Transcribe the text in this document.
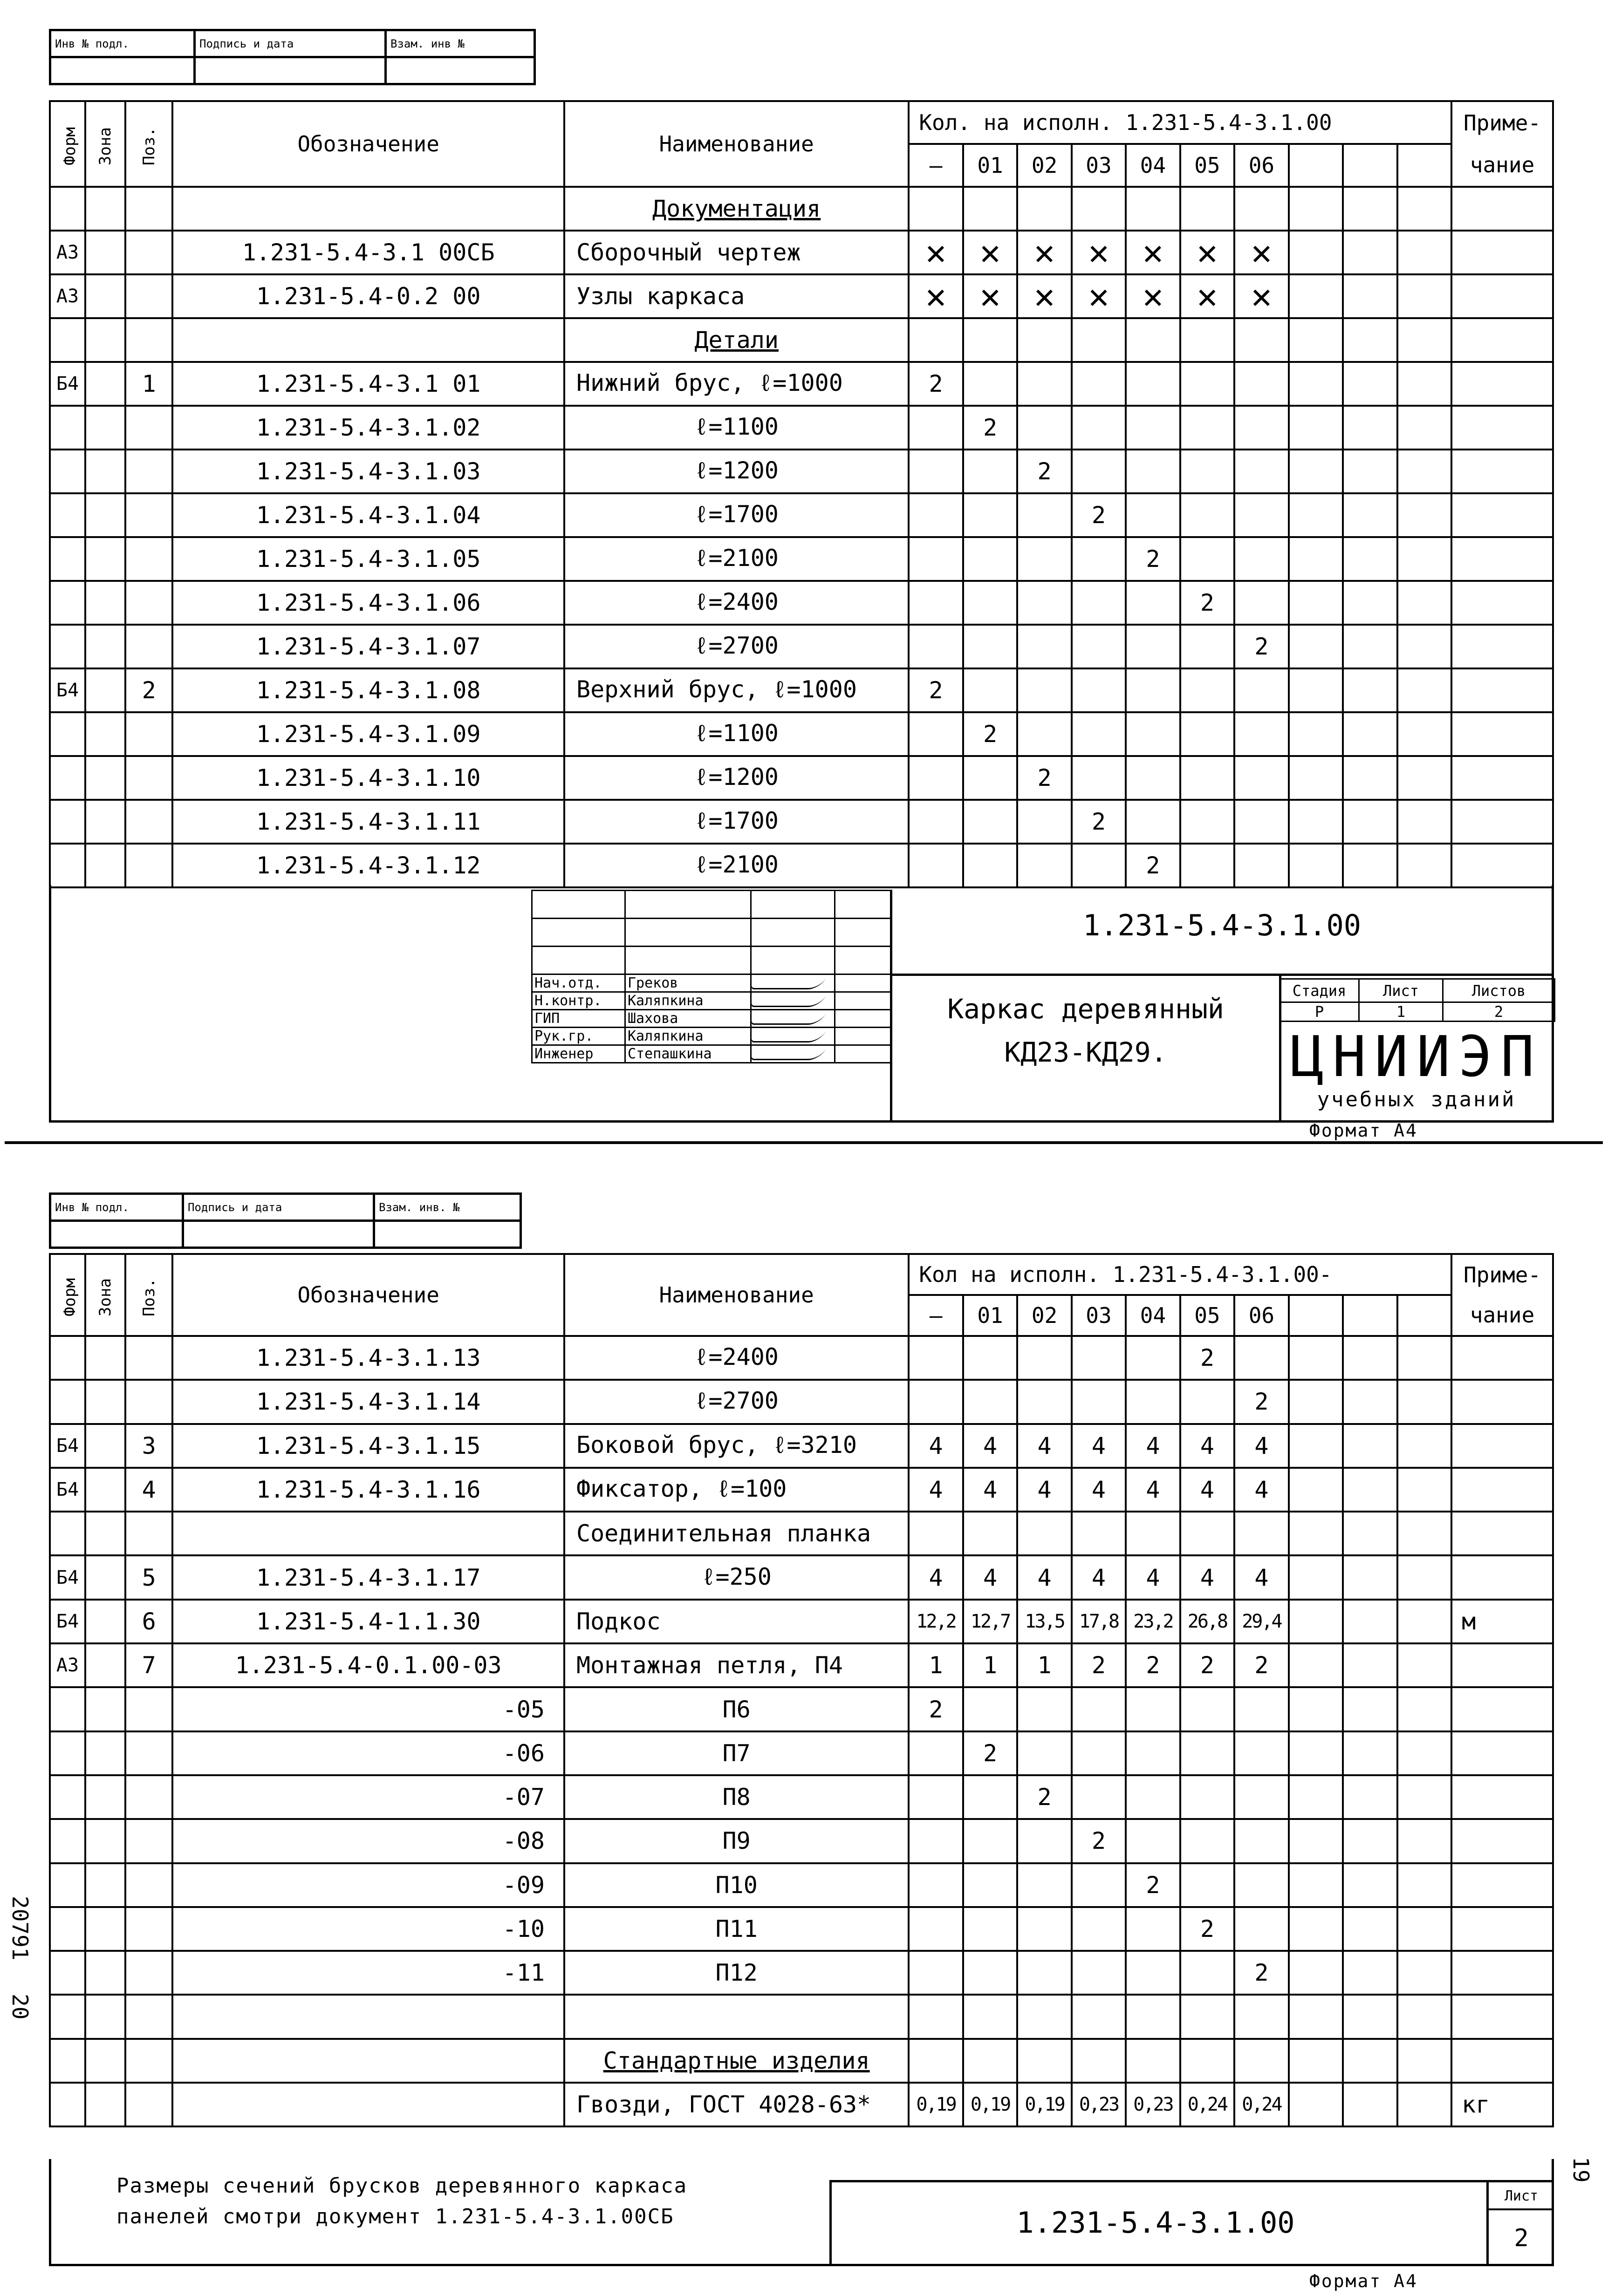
Инв № подл.	Подпись и дата	Взам. инв №

Форм	Зона	Поз.	Обозначение	Наименование	Кол. на исполн. 1.231-5.4-3.1.00										Приме-
					—	01	02	03	04	05	06				чание
				Документация											
А3			1.231-5.4-3.1 00СБ	Сборочный чертеж	✕	✕	✕	✕	✕	✕	✕				
А3			1.231-5.4-0.2 00	Узлы каркаса	✕	✕	✕	✕	✕	✕	✕				
				Детали											
Б4		1	1.231-5.4-3.1 01	Нижний брус, ℓ=1000	2										
			1.231-5.4-3.1.02	ℓ=1100		2									
			1.231-5.4-3.1.03	ℓ=1200			2								
			1.231-5.4-3.1.04	ℓ=1700				2							
			1.231-5.4-3.1.05	ℓ=2100					2						
			1.231-5.4-3.1.06	ℓ=2400						2					
			1.231-5.4-3.1.07	ℓ=2700							2				
Б4		2	1.231-5.4-3.1.08	Верхний брус, ℓ=1000	2										
			1.231-5.4-3.1.09	ℓ=1100		2									
			1.231-5.4-3.1.10	ℓ=1200			2								
			1.231-5.4-3.1.11	ℓ=1700				2							
			1.231-5.4-3.1.12	ℓ=2100					2						

Нач.отд.	Греков	

Н.контр.	Каляпкина	

ГИП	Шахова	

Рук.гр.	Каляпкина	

Инженер	Степашкина	

1.231-5.4-3.1.00
Каркас деревянный
КД23-КД29.
Стадия	Лист	Листов
Р	1	2
ЦНИИЭП
учебных зданий
Формат А4
Инв № подл.	Подпись и дата	Взам. инв. №

Форм	Зона	Поз.	Обозначение	Наименование	Кол на исполн. 1.231-5.4-3.1.00-										Приме-
					—	01	02	03	04	05	06				чание
			1.231-5.4-3.1.13	ℓ=2400						2					
			1.231-5.4-3.1.14	ℓ=2700							2				
Б4		3	1.231-5.4-3.1.15	Боковой брус, ℓ=3210	4	4	4	4	4	4	4				
Б4		4	1.231-5.4-3.1.16	Фиксатор, ℓ=100	4	4	4	4	4	4	4				
				Соединительная планка											
Б4		5	1.231-5.4-3.1.17	ℓ=250	4	4	4	4	4	4	4				
Б4		6	1.231-5.4-1.1.30	Подкос	12,2	12,7	13,5	17,8	23,2	26,8	29,4				м
А3		7	1.231-5.4-0.1.00-03	Монтажная петля, П4	1	1	1	2	2	2	2				
			-05	П6	2										
			-06	П7		2									
			-07	П8			2								
			-08	П9				2							
			-09	П10					2						
			-10	П11						2					
			-11	П12							2				

				Стандартные изделия											
				Гвозди, ГОСТ 4028-63*	0,19	0,19	0,19	0,23	0,23	0,24	0,24				кг
Размеры сечений брусков деревянного каркаса
панелей смотри документ 1.231-5.4-3.1.00СБ	1.231-5.4-3.1.00
Лист
2
Формат А4
20791
20
19
